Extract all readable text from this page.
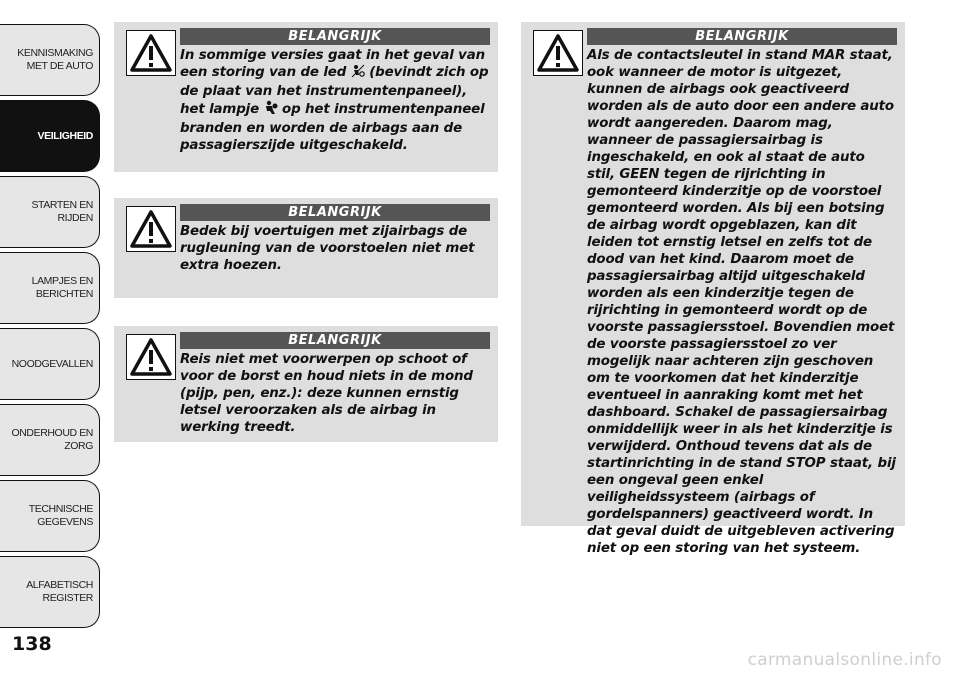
KENNISMAKING
MET DE AUTO
VEILIGHEID
STARTEN EN RIJDEN
LAMPJES EN
BERICHTEN
NOODGEVALLEN
ONDERHOUD EN
ZORG
TECHNISCHE
GEGEVENS
ALFABETISCH
REGISTER
138
BELANGRIJK
In sommige versies gaat in het geval van een storing van de led (bevindt zich op de plaat van het instrumentenpaneel), het lampje op het instrumentenpaneel branden en worden de airbags aan de passagierszijde uitgeschakeld.
BELANGRIJK
Bedek bij voertuigen met zijairbags de rugleuning van de voorstoelen niet met extra hoezen.
BELANGRIJK
Reis niet met voorwerpen op schoot of voor de borst en houd niets in de mond (pijp, pen, enz.): deze kunnen ernstig letsel veroorzaken als de airbag in werking treedt.
BELANGRIJK
Als de contactsleutel in stand MAR staat, ook wanneer de motor is uitgezet, kunnen de airbags ook geactiveerd worden als de auto door een andere auto wordt aangereden. Daarom mag, wanneer de passagiersairbag is ingeschakeld, en ook al staat de auto stil, GEEN tegen de rijrichting in gemonteerd kinderzitje op de voorstoel gemonteerd worden. Als bij een botsing de airbag wordt opgeblazen, kan dit leiden tot ernstig letsel en zelfs tot de dood van het kind. Daarom moet de passagiersairbag altijd uitgeschakeld worden als een kinderzitje tegen de rijrichting in gemonteerd wordt op de voorste passagiersstoel. Bovendien moet de voorste passagiersstoel zo ver mogelijk naar achteren zijn geschoven om te voorkomen dat het kinderzitje eventueel in aanraking komt met het dashboard. Schakel de passagiersairbag onmiddellijk weer in als het kinderzitje is verwijderd. Onthoud tevens dat als de startinrichting in de stand STOP staat, bij een ongeval geen enkel veiligheidssysteem (airbags of gordelspanners) geactiveerd wordt. In dat geval duidt de uitgebleven activering niet op een storing van het systeem.
carmanualsonline.info
